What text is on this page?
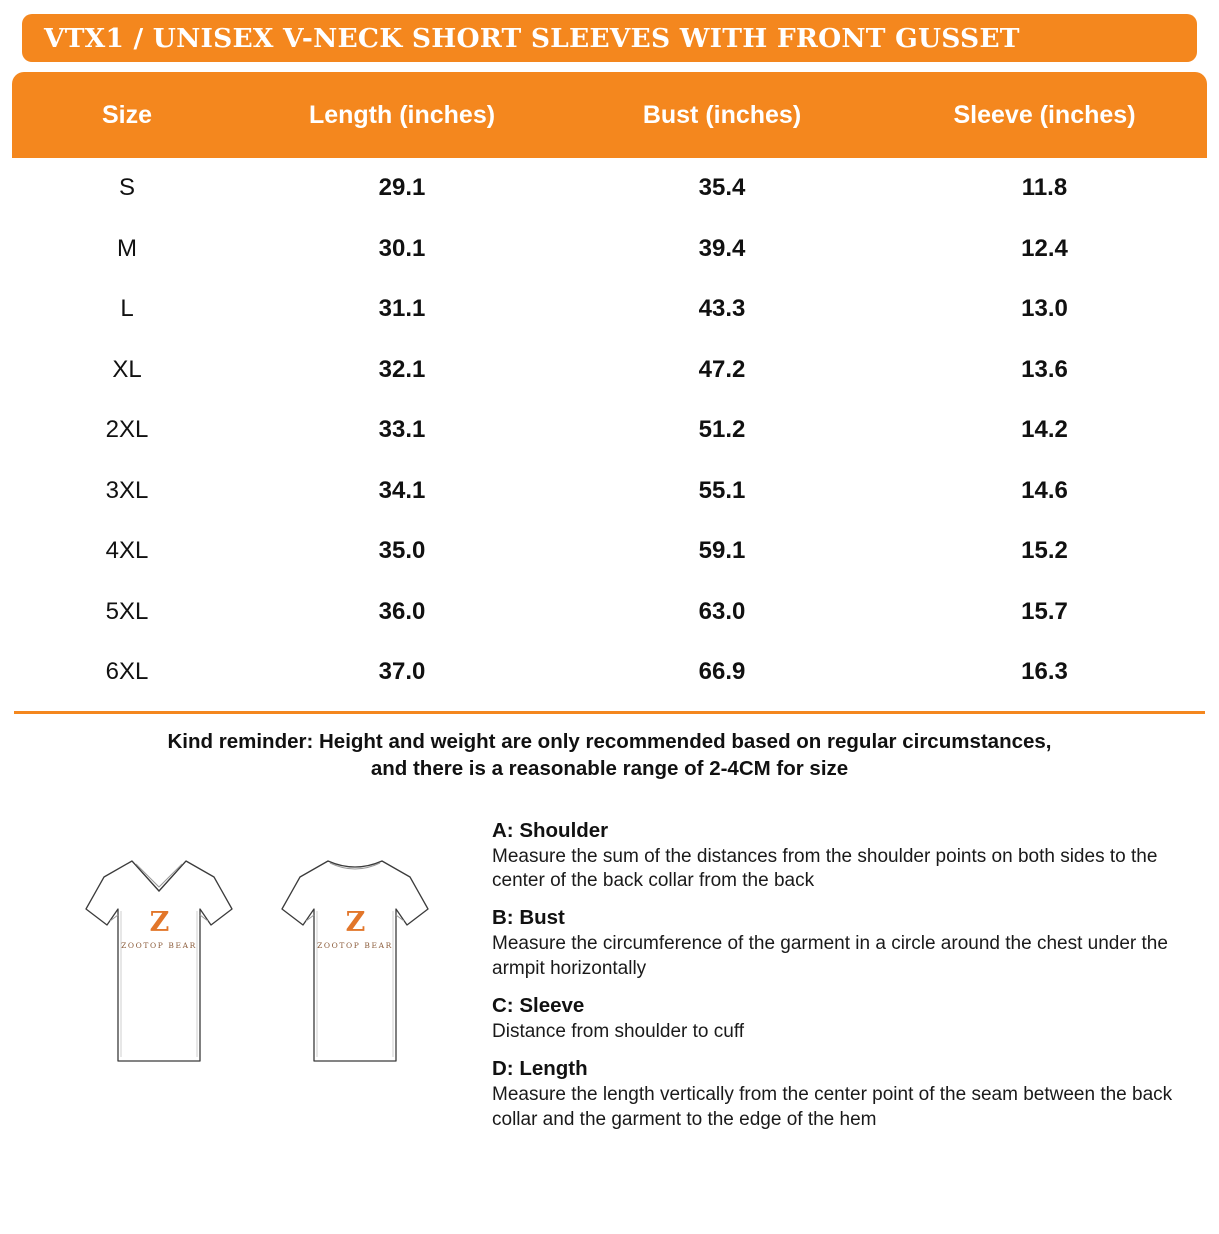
VTX1 / UNISEX V-NECK SHORT SLEEVES WITH FRONT GUSSET
Size	Length (inches)	Bust (inches)	Sleeve (inches)
S	29.1	35.4	11.8
M	30.1	39.4	12.4
L	31.1	43.3	13.0
XL	32.1	47.2	13.6
2XL	33.1	51.2	14.2
3XL	34.1	55.1	14.6
4XL	35.0	59.1	15.2
5XL	36.0	63.0	15.7
6XL	37.0	66.9	16.3
Kind reminder: Height and weight are only recommended based on regular circumstances,
and there is a reasonable range of 2-4CM for size
Z
ZOOTOP BEAR
Z
ZOOTOP BEAR
A: Shoulder
Measure the sum of the distances from the shoulder points on both sides to the center of the back collar from the back
B: Bust
Measure the circumference of the garment in a circle around the chest under the armpit horizontally
C: Sleeve
Distance from shoulder to cuff
D: Length
Measure the length vertically from the center point of the seam between the back collar and the garment to the edge of the hem
